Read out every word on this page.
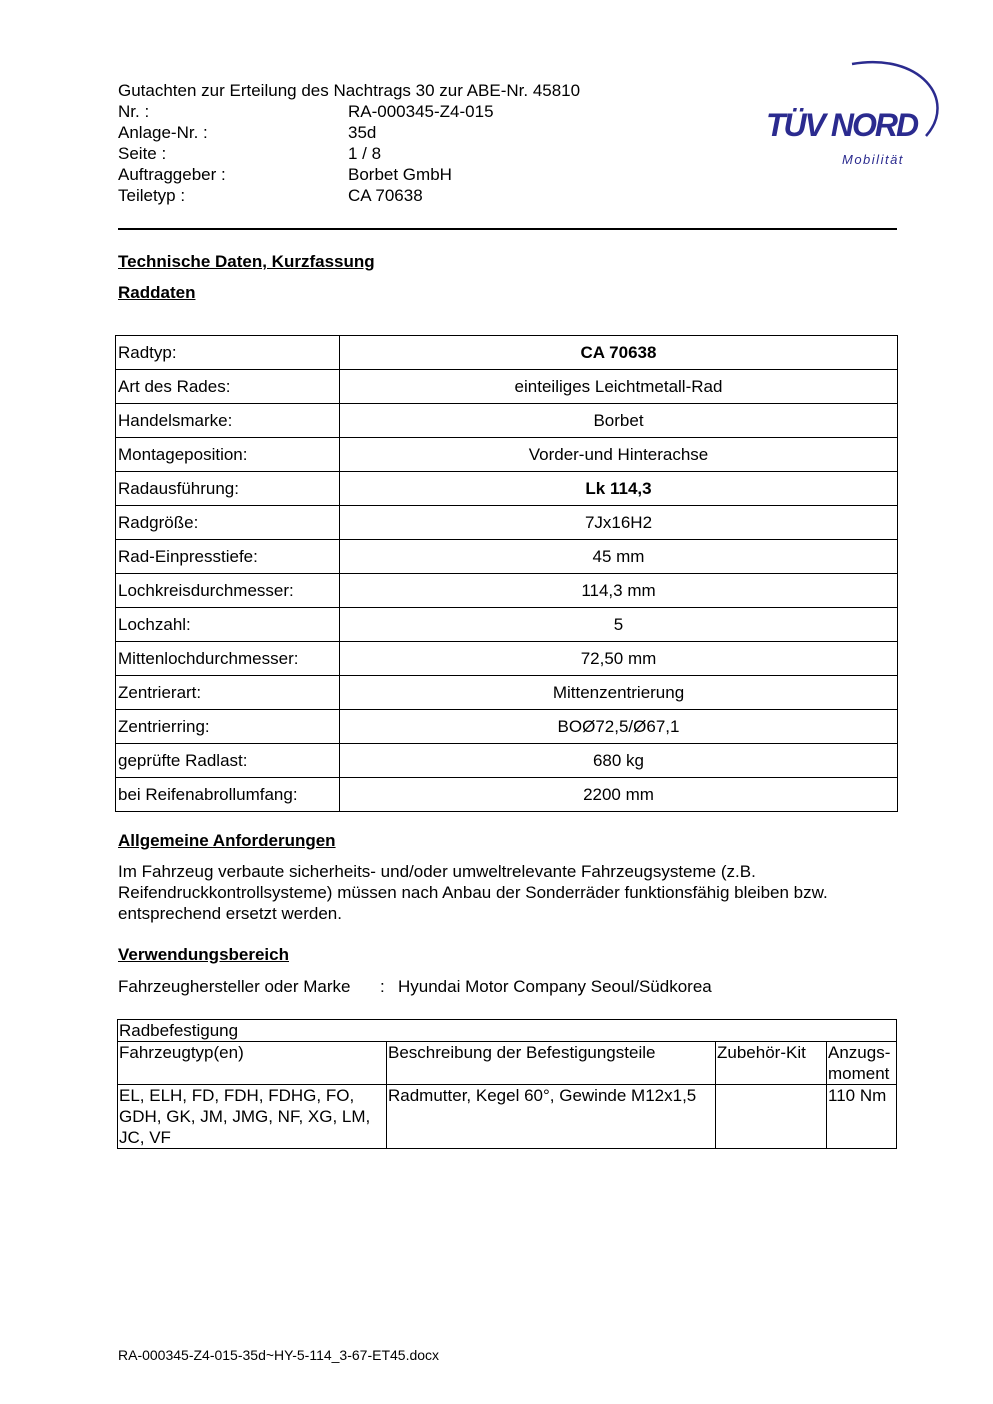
Gutachten zur Erteilung des Nachtrags 30 zur ABE-Nr. 45810
Nr. :	RA-000345-Z4-015
Anlage-Nr. :	35d
Seite :	1 / 8
Auftraggeber :	Borbet GmbH
Teiletyp :	CA 70638
TÜV NORD
Mobilität
Technische Daten, Kurzfassung
Raddaten
Radtyp:	CA 70638
Art des Rades:	einteiliges Leichtmetall-Rad
Handelsmarke:	Borbet
Montageposition:	Vorder-und Hinterachse
Radausführung:	Lk 114,3
Radgröße:	7Jx16H2
Rad-Einpresstiefe:	45 mm
Lochkreisdurchmesser:	114,3 mm
Lochzahl:	5
Mittenlochdurchmesser:	72,50 mm
Zentrierart:	Mittenzentrierung
Zentrierring:	BOØ72,5/Ø67,1
geprüfte Radlast:	680 kg
bei Reifenabrollumfang:	2200 mm
Allgemeine Anforderungen
Im Fahrzeug verbaute sicherheits- und/oder umweltrelevante Fahrzeugsysteme (z.B. Reifendruckkontrollsysteme) müssen nach Anbau der Sonderräder funktionsfähig bleiben bzw. entsprechend ersetzt werden.
Verwendungsbereich
Fahrzeughersteller oder Marke : Hyundai Motor Company Seoul/Südkorea
Radbefestigung			
Fahrzeugtyp(en)	Beschreibung der Befestigungsteile	Zubehör-Kit	Anzugs-
moment
EL, ELH, FD, FDH, FDHG, FO, GDH, GK, JM, JMG, NF, XG, LM, JC, VF	Radmutter, Kegel 60°, Gewinde M12x1,5		110 Nm
RA-000345-Z4-015-35d~HY-5-114_3-67-ET45.docx
